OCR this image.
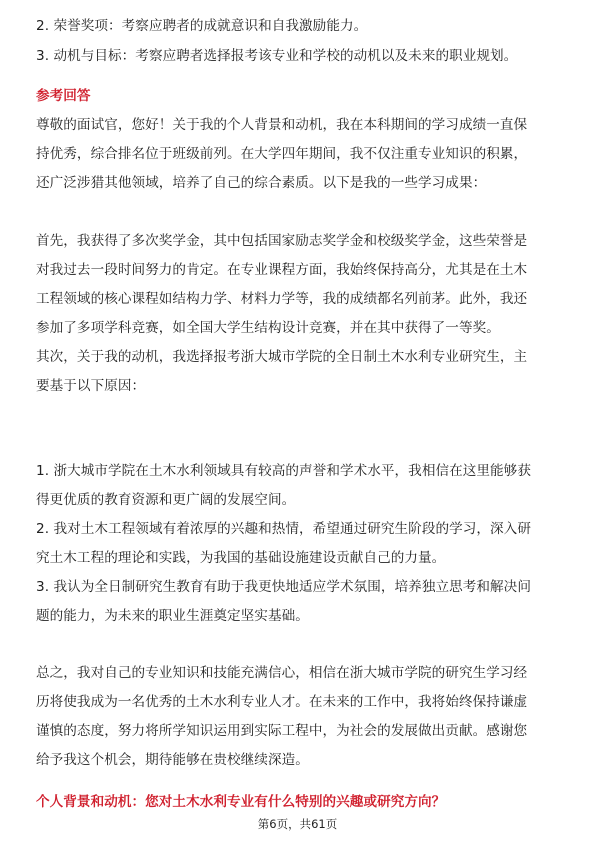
2. 荣誉奖项：考察应聘者的成就意识和自我激励能力。

3. 动机与目标：考察应聘者选择报考该专业和学校的动机以及未来的职业规划。

参考回答

尊敬的面试官，您好！关于我的个人背景和动机，我在本科期间的学习成绩一直保

持优秀，综合排名位于班级前列。在大学四年期间，我不仅注重专业知识的积累，

还广泛涉猎其他领域，培养了自己的综合素质。以下是我的一些学习成果：

首先，我获得了多次奖学金，其中包括国家励志奖学金和校级奖学金，这些荣誉是

对我过去一段时间努力的肯定。在专业课程方面，我始终保持高分，尤其是在土木

工程领域的核心课程如结构力学、材料力学等，我的成绩都名列前茅。此外，我还

参加了多项学科竞赛，如全国大学生结构设计竞赛，并在其中获得了一等奖。

其次，关于我的动机，我选择报考浙大城市学院的全日制土木水利专业研究生，主

要基于以下原因：

1. 浙大城市学院在土木水利领域具有较高的声誉和学术水平，我相信在这里能够获

得更优质的教育资源和更广阔的发展空间。

2. 我对土木工程领域有着浓厚的兴趣和热情，希望通过研究生阶段的学习，深入研

究土木工程的理论和实践，为我国的基础设施建设贡献自己的力量。

3. 我认为全日制研究生教育有助于我更快地适应学术氛围，培养独立思考和解决问

题的能力，为未来的职业生涯奠定坚实基础。

总之，我对自己的专业知识和技能充满信心，相信在浙大城市学院的研究生学习经

历将使我成为一名优秀的土木水利专业人才。在未来的工作中，我将始终保持谦虚

谨慎的态度，努力将所学知识运用到实际工程中，为社会的发展做出贡献。感谢您

给予我这个机会，期待能够在贵校继续深造。

个人背景和动机：您对土木水利专业有什么特别的兴趣或研究方向？

第6页，共61页
